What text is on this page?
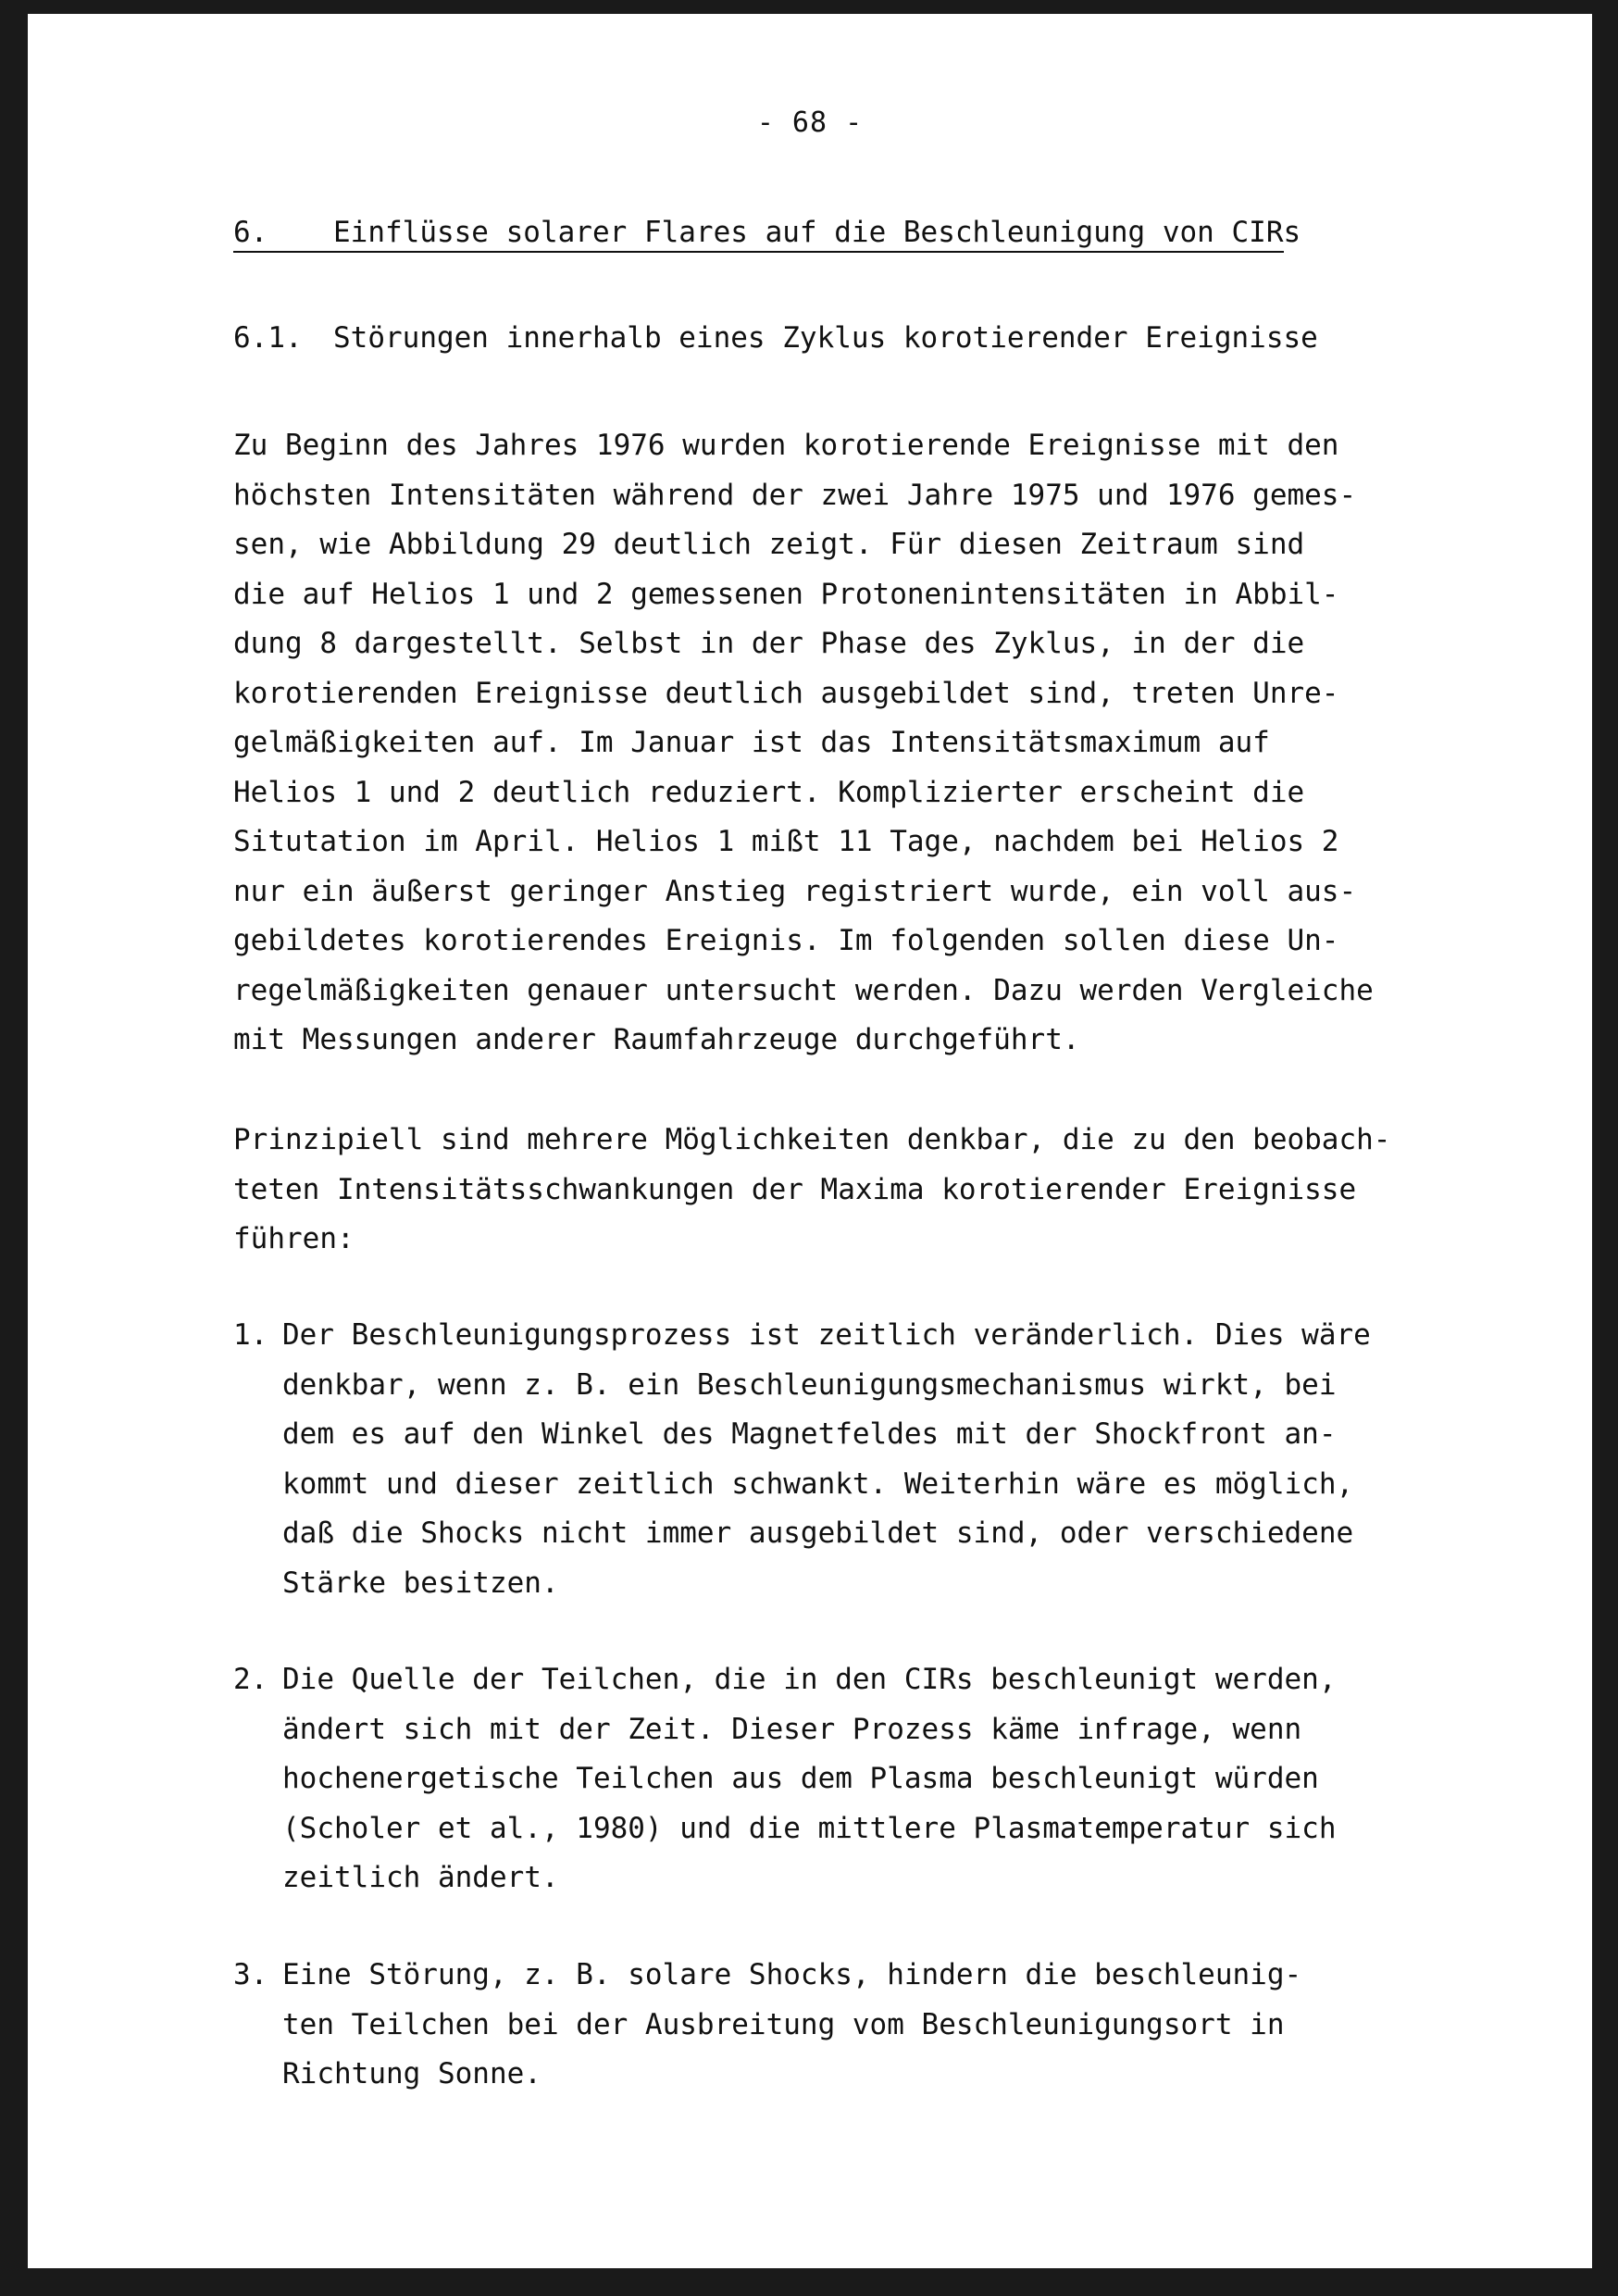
- 68 -
6. Einflüsse solarer Flares auf die Beschleunigung von CIRs
6.1. Störungen innerhalb eines Zyklus korotierender Ereignisse
Zu Beginn des Jahres 1976 wurden korotierende Ereignisse mit den
höchsten Intensitäten während der zwei Jahre 1975 und 1976 gemes-
sen, wie Abbildung 29 deutlich zeigt. Für diesen Zeitraum sind
die auf Helios 1 und 2 gemessenen Protonenintensitäten in Abbil-
dung 8 dargestellt. Selbst in der Phase des Zyklus, in der die
korotierenden Ereignisse deutlich ausgebildet sind, treten Unre-
gelmäßigkeiten auf. Im Januar ist das Intensitätsmaximum auf
Helios 1 und 2 deutlich reduziert. Komplizierter erscheint die
Situtation im April. Helios 1 mißt 11 Tage, nachdem bei Helios 2
nur ein äußerst geringer Anstieg registriert wurde, ein voll aus-
gebildetes korotierendes Ereignis. Im folgenden sollen diese Un-
regelmäßigkeiten genauer untersucht werden. Dazu werden Vergleiche
mit Messungen anderer Raumfahrzeuge durchgeführt.
Prinzipiell sind mehrere Möglichkeiten denkbar, die zu den beobach-
teten Intensitätsschwankungen der Maxima korotierender Ereignisse
führen:
1. Der Beschleunigungsprozess ist zeitlich veränderlich. Dies wäre
denkbar, wenn z. B. ein Beschleunigungsmechanismus wirkt, bei
dem es auf den Winkel des Magnetfeldes mit der Shockfront an-
kommt und dieser zeitlich schwankt. Weiterhin wäre es möglich,
daß die Shocks nicht immer ausgebildet sind, oder verschiedene
Stärke besitzen.
2. Die Quelle der Teilchen, die in den CIRs beschleunigt werden,
ändert sich mit der Zeit. Dieser Prozess käme infrage, wenn
hochenergetische Teilchen aus dem Plasma beschleunigt würden
(Scholer et al., 1980) und die mittlere Plasmatemperatur sich
zeitlich ändert.
3. Eine Störung, z. B. solare Shocks, hindern die beschleunig-
ten Teilchen bei der Ausbreitung vom Beschleunigungsort in
Richtung Sonne.
